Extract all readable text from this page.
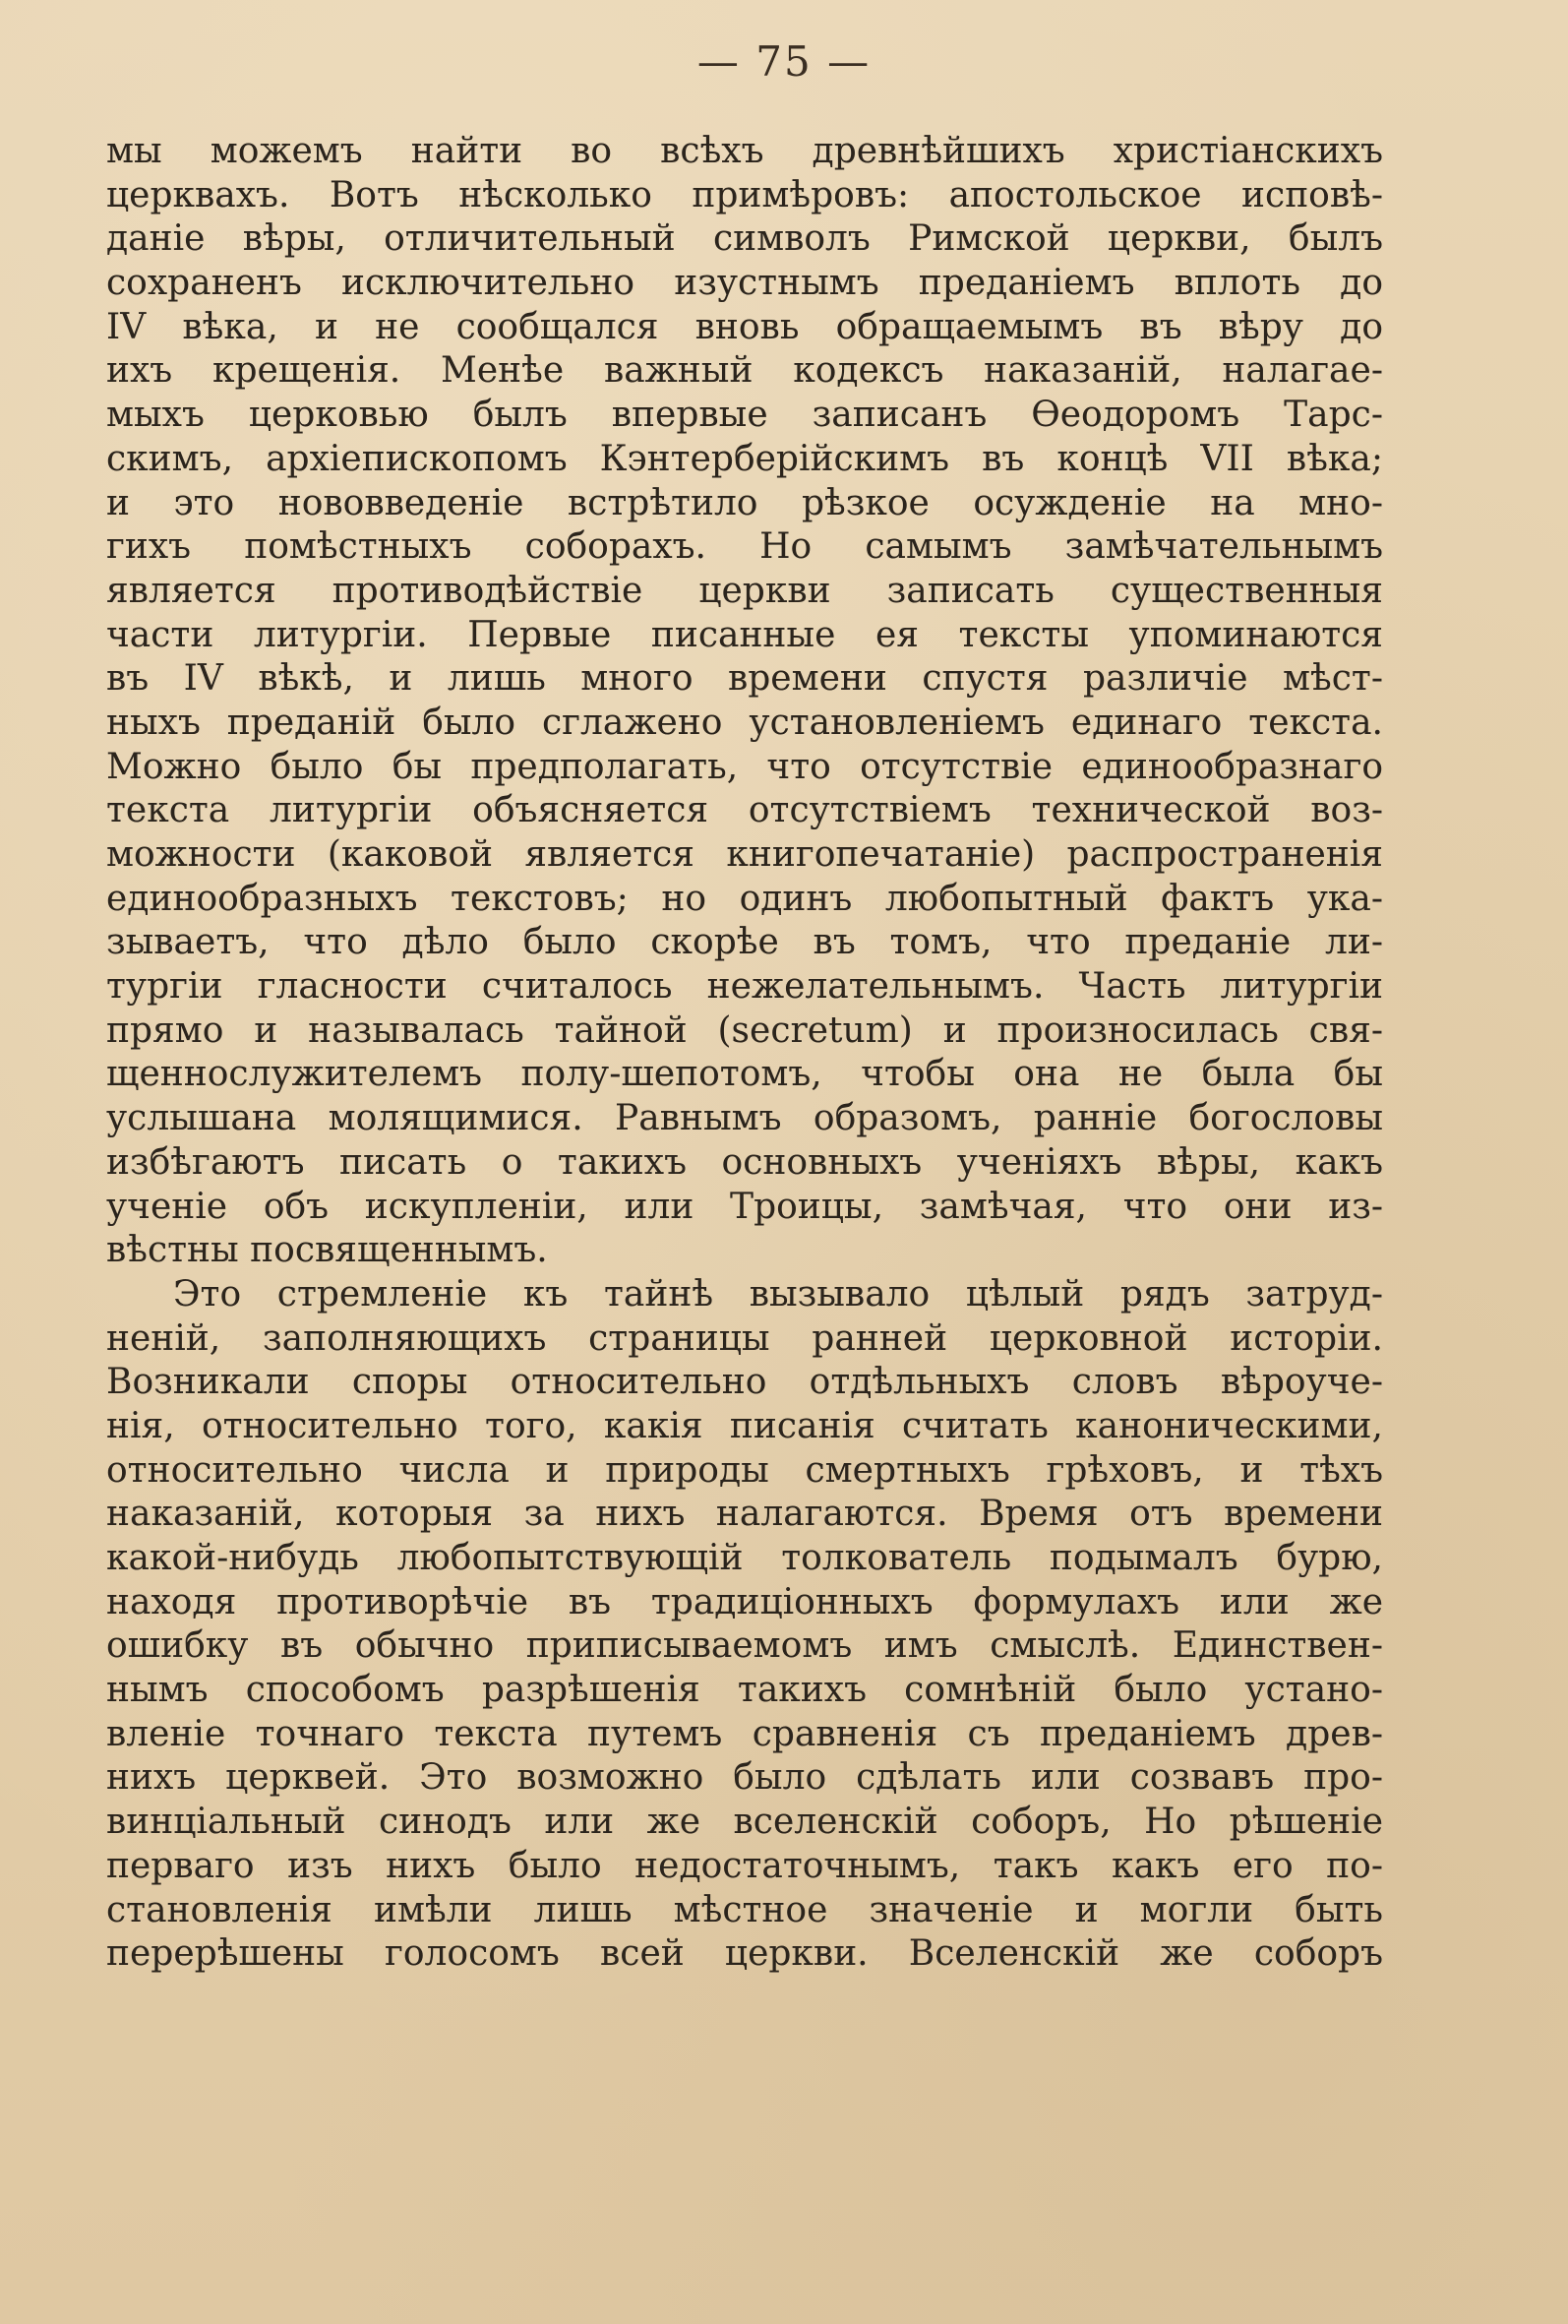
— 75 —
мы можемъ найти во всѣхъ древнѣйшихъ христіанскихъ
церквахъ. Вотъ нѣсколько примѣровъ: апостольское исповѣ-
даніе вѣры, отличительный символъ Римской церкви, былъ
сохраненъ исключительно изустнымъ преданіемъ вплоть до
IV вѣка, и не сообщался вновь обращаемымъ въ вѣру до
ихъ крещенія. Менѣе важный кодексъ наказаній, налагае-
мыхъ церковью былъ впервые записанъ Ѳеодоромъ Тарс-
скимъ, архіепископомъ Кэнтерберійскимъ въ концѣ VII вѣка;
и это нововведеніе встрѣтило рѣзкое осужденіе на мно-
гихъ помѣстныхъ соборахъ. Но самымъ замѣчательнымъ
является противодѣйствіе церкви записать существенныя
части литургіи. Первые писанные ея тексты упоминаются
въ IV вѣкѣ, и лишь много времени спустя различіе мѣст-
ныхъ преданій было сглажено установленіемъ единаго текста.
Можно было бы предполагать, что отсутствіе единообразнаго
текста литургіи объясняется отсутствіемъ технической воз-
можности (каковой является книгопечатаніе) распространенія
единообразныхъ текстовъ; но одинъ любопытный фактъ ука-
зываетъ, что дѣло было скорѣе въ томъ, что преданіе ли-
тургіи гласности считалось нежелательнымъ. Часть литургіи
прямо и называлась тайной (secretum) и произносилась свя-
щеннослужителемъ полу-шепотомъ, чтобы она не была бы
услышана молящимися. Равнымъ образомъ, ранніе богословы
избѣгаютъ писать о такихъ основныхъ ученіяхъ вѣры, какъ
ученіе объ искупленіи, или Троицы, замѣчая, что они из-
вѣстны посвященнымъ.
Это стремленіе къ тайнѣ вызывало цѣлый рядъ затруд-
неній, заполняющихъ страницы ранней церковной исторіи.
Возникали споры относительно отдѣльныхъ словъ вѣроуче-
нія, относительно того, какія писанія считать каноническими,
относительно числа и природы смертныхъ грѣховъ, и тѣхъ
наказаній, которыя за нихъ налагаются. Время отъ времени
какой-нибудь любопытствующій толкователь подымалъ бурю,
находя противорѣчіе въ традиціонныхъ формулахъ или же
ошибку въ обычно приписываемомъ имъ смыслѣ. Единствен-
нымъ способомъ разрѣшенія такихъ сомнѣній было устано-
вленіе точнаго текста путемъ сравненія съ преданіемъ древ-
нихъ церквей. Это возможно было сдѣлать или созвавъ про-
винціальный синодъ или же вселенскій соборъ, Но рѣшеніе
перваго изъ нихъ было недостаточнымъ, такъ какъ его по-
становленія имѣли лишь мѣстное значеніе и могли быть
перерѣшены голосомъ всей церкви. Вселенскій же соборъ
